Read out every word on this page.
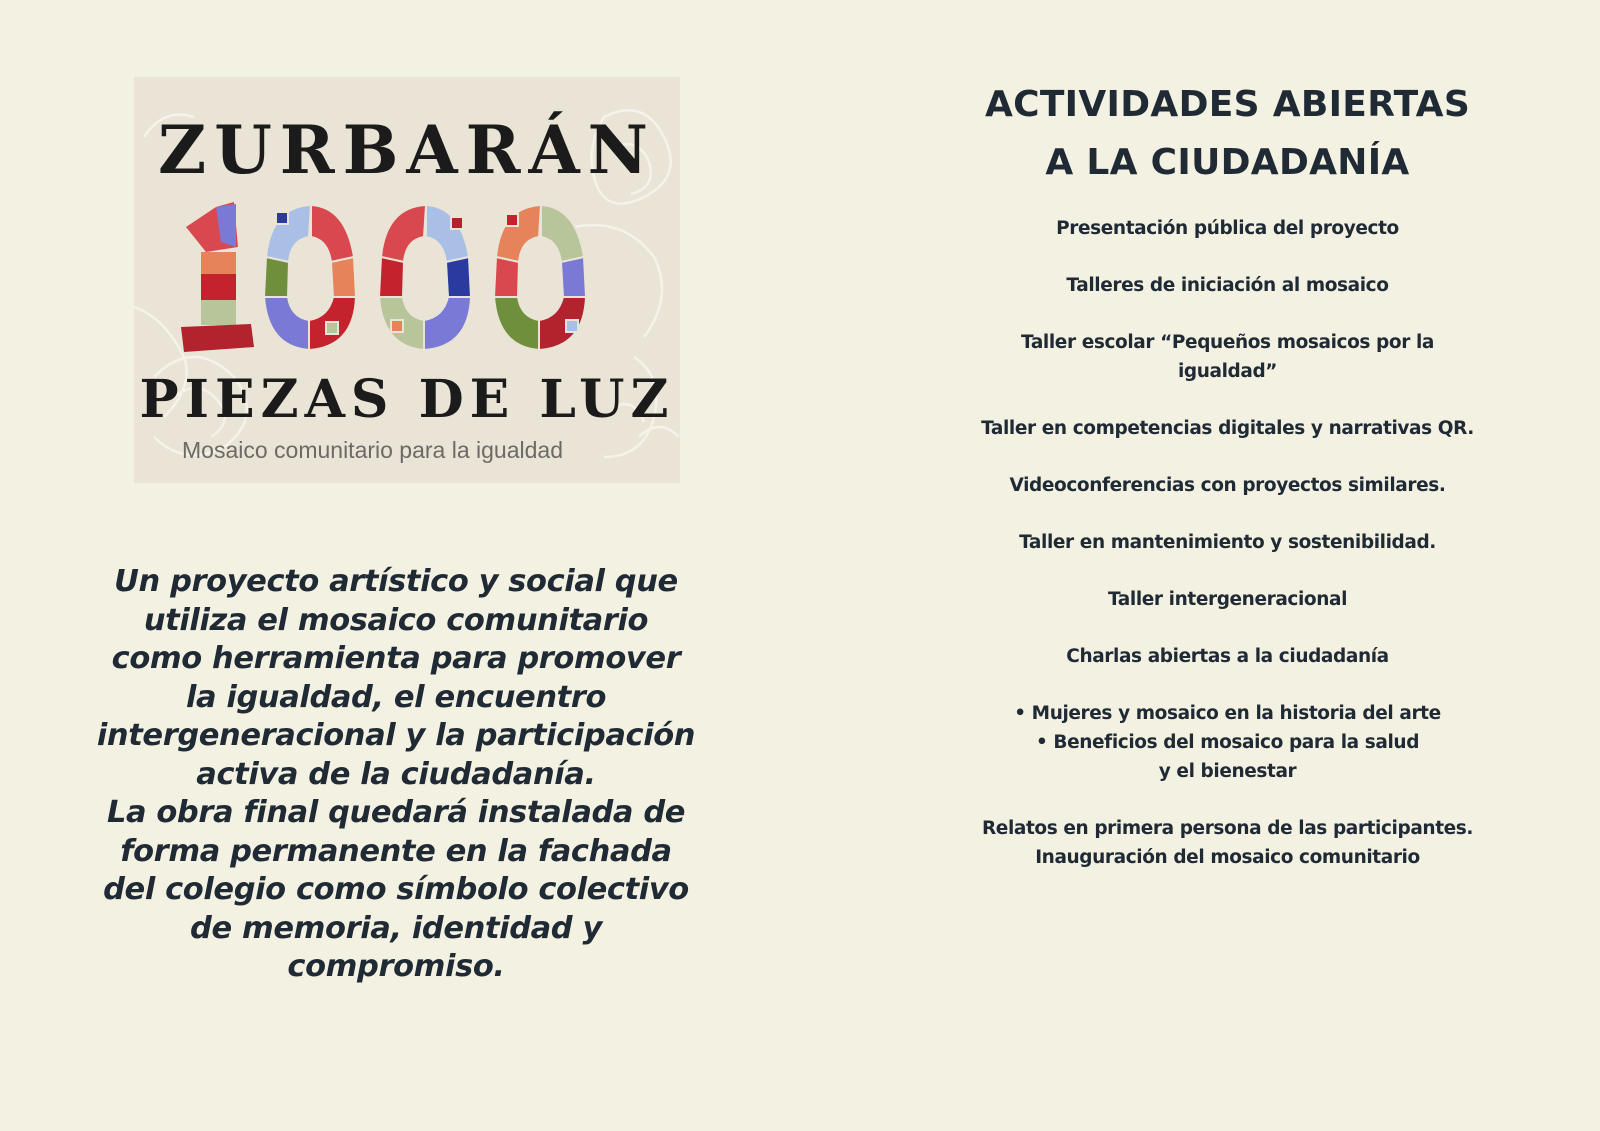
ZURBARÁN
PIEZAS DE LUZ
Mosaico comunitario para la igualdad

Un proyecto artístico y social que utiliza el mosaico comunitario como herramienta para promover la igualdad, el encuentro intergeneracional y la participación activa de la ciudadanía.

La obra final quedará instalada de forma permanente en la fachada del colegio como símbolo colectivo de memoria, identidad y compromiso.

ACTIVIDADES ABIERTAS
A LA CIUDADANÍA
Presentación pública del proyecto
Talleres de iniciación al mosaico
Taller escolar “Pequeños mosaicos por la igualdad”
Taller en competencias digitales y narrativas QR.
Videoconferencias con proyectos similares.
Taller en mantenimiento y sostenibilidad.
Taller intergeneracional
Charlas abiertas a la ciudadanía
• Mujeres y mosaico en la historia del arte
• Beneficios del mosaico para la salud y el bienestar
Relatos en primera persona de las participantes.
Inauguración del mosaico comunitario
